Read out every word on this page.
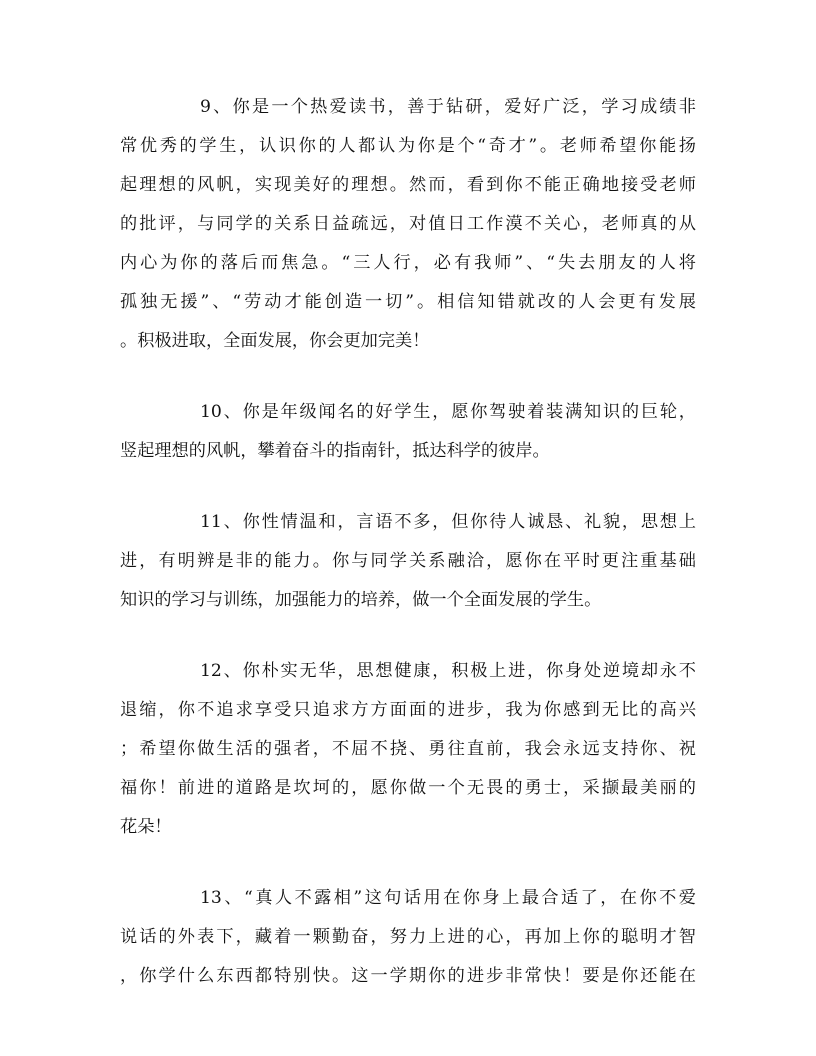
9、你是一个热爱读书，善于钻研，爱好广泛，学习成绩非
常优秀的学生，认识你的人都认为你是个“奇才”。老师希望你能扬
起理想的风帆，实现美好的理想。然而，看到你不能正确地接受老师
的批评，与同学的关系日益疏远，对值日工作漠不关心，老师真的从
内心为你的落后而焦急。“三人行，必有我师”、“失去朋友的人将
孤独无援”、“劳动才能创造一切”。相信知错就改的人会更有发展
。积极进取，全面发展，你会更加完美！

10、你是年级闻名的好学生，愿你驾驶着装满知识的巨轮，
竖起理想的风帆，攀着奋斗的指南针，抵达科学的彼岸。

11、你性情温和，言语不多，但你待人诚恳、礼貌，思想上
进，有明辨是非的能力。你与同学关系融洽，愿你在平时更注重基础
知识的学习与训练，加强能力的培养，做一个全面发展的学生。

12、你朴实无华，思想健康，积极上进，你身处逆境却永不
退缩，你不追求享受只追求方方面面的进步，我为你感到无比的高兴
；希望你做生活的强者，不屈不挠、勇往直前，我会永远支持你、祝
福你！前进的道路是坎坷的，愿你做一个无畏的勇士，采撷最美丽的
花朵！

13、“真人不露相”这句话用在你身上最合适了，在你不爱
说话的外表下，藏着一颗勤奋，努力上进的心，再加上你的聪明才智
，你学什么东西都特别快。这一学期你的进步非常快！要是你还能在
